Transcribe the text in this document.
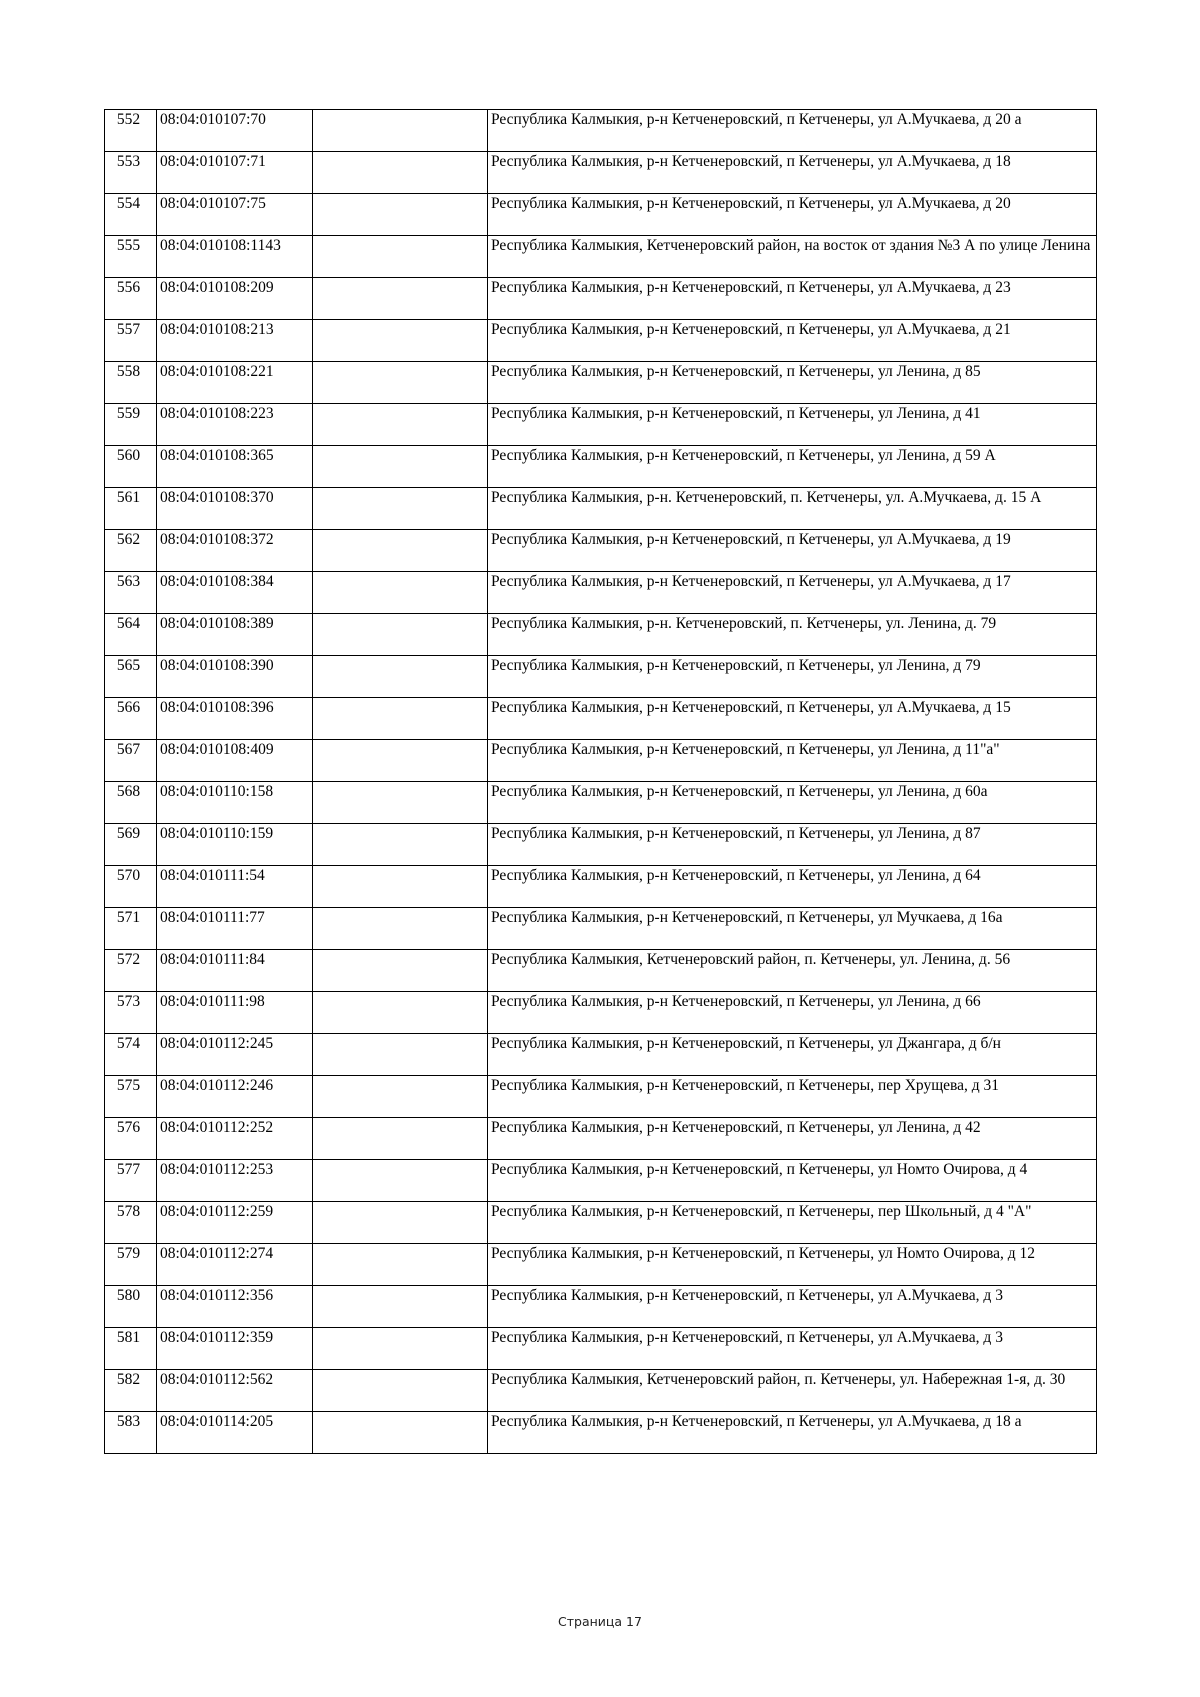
552	08:04:010107:70		Республика Калмыкия, р-н Кетченеровский, п Кетченеры, ул А.Мучкаева, д 20 а
553	08:04:010107:71		Республика Калмыкия, р-н Кетченеровский, п Кетченеры, ул А.Мучкаева, д 18
554	08:04:010107:75		Республика Калмыкия, р-н Кетченеровский, п Кетченеры, ул А.Мучкаева, д 20
555	08:04:010108:1143		Республика Калмыкия, Кетченеровский район, на восток от здания №3 А по улице Ленина
556	08:04:010108:209		Республика Калмыкия, р-н Кетченеровский, п Кетченеры, ул А.Мучкаева, д 23
557	08:04:010108:213		Республика Калмыкия, р-н Кетченеровский, п Кетченеры, ул А.Мучкаева, д 21
558	08:04:010108:221		Республика Калмыкия, р-н Кетченеровский, п Кетченеры, ул Ленина, д 85
559	08:04:010108:223		Республика Калмыкия, р-н Кетченеровский, п Кетченеры, ул Ленина, д 41
560	08:04:010108:365		Республика Калмыкия, р-н Кетченеровский, п Кетченеры, ул Ленина, д 59 А
561	08:04:010108:370		Республика Калмыкия, р-н. Кетченеровский, п. Кетченеры, ул. А.Мучкаева, д. 15 А
562	08:04:010108:372		Республика Калмыкия, р-н Кетченеровский, п Кетченеры, ул А.Мучкаева, д 19
563	08:04:010108:384		Республика Калмыкия, р-н Кетченеровский, п Кетченеры, ул А.Мучкаева, д 17
564	08:04:010108:389		Республика Калмыкия, р-н. Кетченеровский, п. Кетченеры, ул. Ленина, д. 79
565	08:04:010108:390		Республика Калмыкия, р-н Кетченеровский, п Кетченеры, ул Ленина, д 79
566	08:04:010108:396		Республика Калмыкия, р-н Кетченеровский, п Кетченеры, ул А.Мучкаева, д 15
567	08:04:010108:409		Республика Калмыкия, р-н Кетченеровский, п Кетченеры, ул Ленина, д 11"а"
568	08:04:010110:158		Республика Калмыкия, р-н Кетченеровский, п Кетченеры, ул Ленина, д 60а
569	08:04:010110:159		Республика Калмыкия, р-н Кетченеровский, п Кетченеры, ул Ленина, д 87
570	08:04:010111:54		Республика Калмыкия, р-н Кетченеровский, п Кетченеры, ул Ленина, д 64
571	08:04:010111:77		Республика Калмыкия, р-н Кетченеровский, п Кетченеры, ул Мучкаева, д 16а
572	08:04:010111:84		Республика Калмыкия, Кетченеровский район, п. Кетченеры, ул. Ленина, д. 56
573	08:04:010111:98		Республика Калмыкия, р-н Кетченеровский, п Кетченеры, ул Ленина, д 66
574	08:04:010112:245		Республика Калмыкия, р-н Кетченеровский, п Кетченеры, ул Джангара, д б/н
575	08:04:010112:246		Республика Калмыкия, р-н Кетченеровский, п Кетченеры, пер Хрущева, д 31
576	08:04:010112:252		Республика Калмыкия, р-н Кетченеровский, п Кетченеры, ул Ленина, д 42
577	08:04:010112:253		Республика Калмыкия, р-н Кетченеровский, п Кетченеры, ул Номто Очирова, д 4
578	08:04:010112:259		Республика Калмыкия, р-н Кетченеровский, п Кетченеры, пер Школьный, д 4 "А"
579	08:04:010112:274		Республика Калмыкия, р-н Кетченеровский, п Кетченеры, ул Номто Очирова, д 12
580	08:04:010112:356		Республика Калмыкия, р-н Кетченеровский, п Кетченеры, ул А.Мучкаева, д 3
581	08:04:010112:359		Республика Калмыкия, р-н Кетченеровский, п Кетченеры, ул А.Мучкаева, д 3
582	08:04:010112:562		Республика Калмыкия, Кетченеровский район, п. Кетченеры, ул. Набережная 1-я, д. 30
583	08:04:010114:205		Республика Калмыкия, р-н Кетченеровский, п Кетченеры, ул А.Мучкаева, д 18 а
Страница 17
